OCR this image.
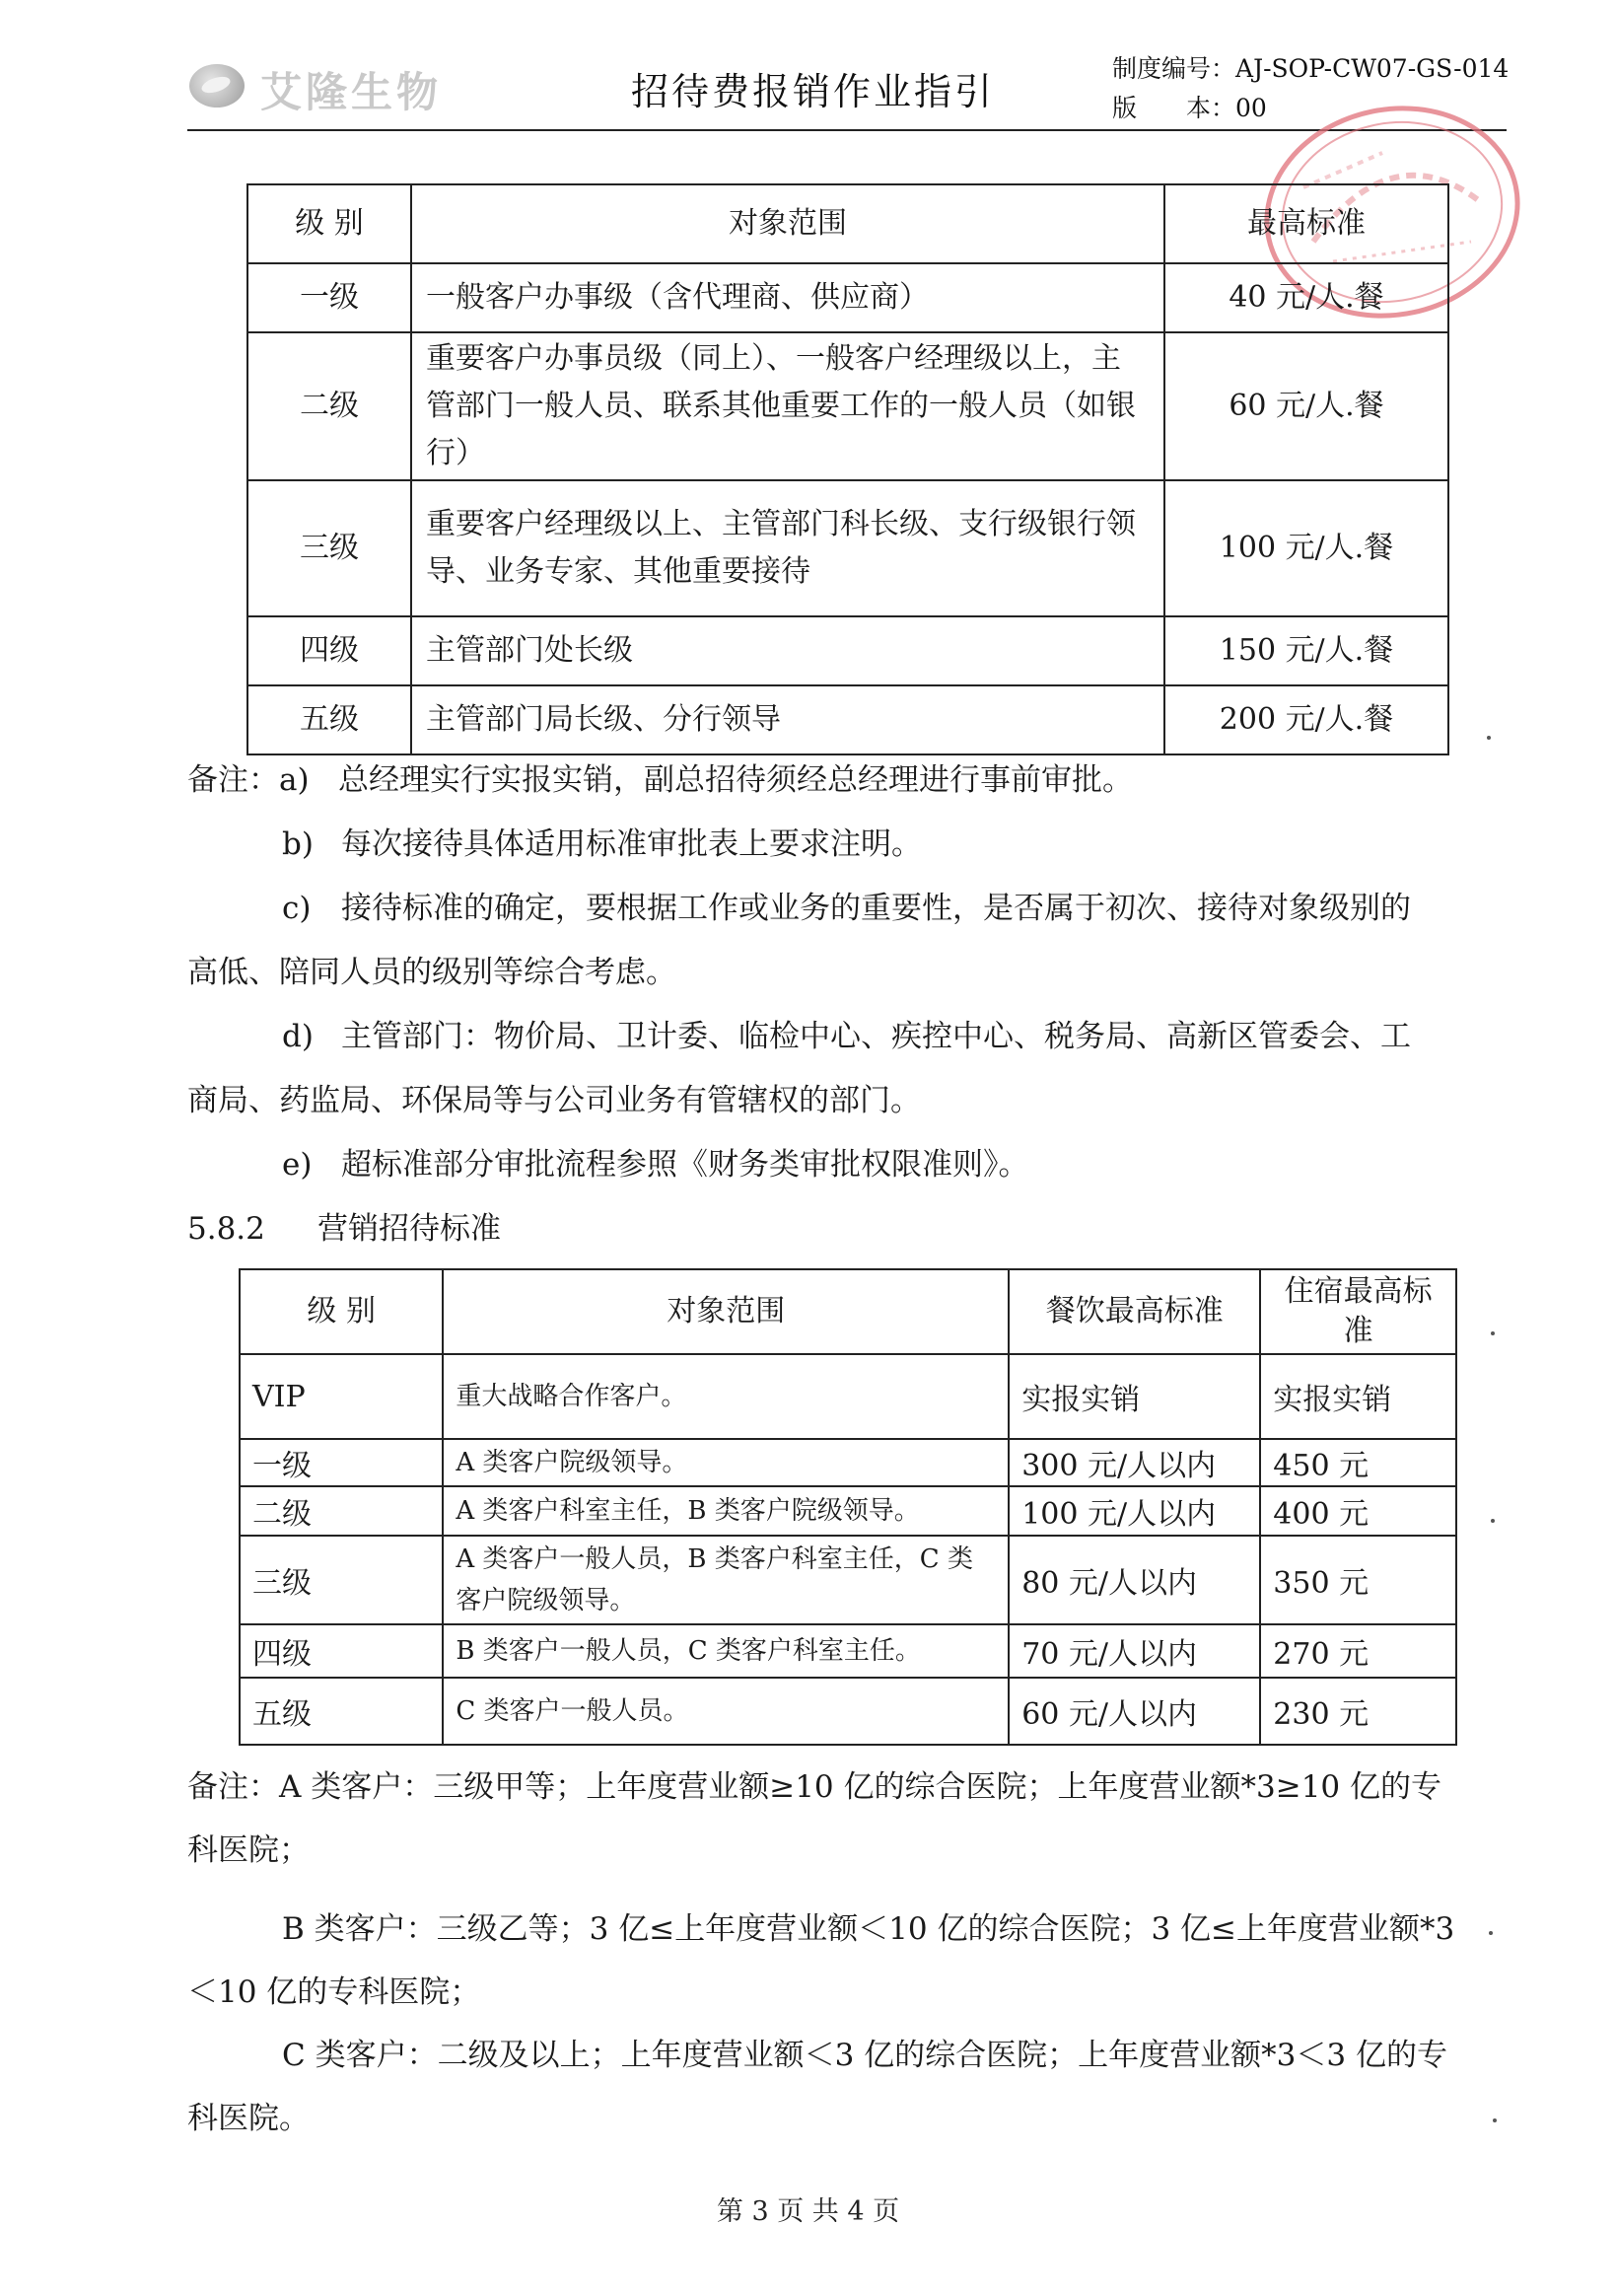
艾隆生物	招待费报销作业指引
制度编号：AJ-SOP-CW07-GS-014
版　　本：00
级 别	对象范围	最高标准
一级	一般客户办事级（含代理商、供应商）	40 元/人.餐
二级	重要客户办事员级（同上）、一般客户经理级以上，主管部门一般人员、联系其他重要工作的一般人员（如银行）	60 元/人.餐
三级	重要客户经理级以上、主管部门科长级、支行级银行领导、业务专家、其他重要接待	100 元/人.餐
四级	主管部门处长级	150 元/人.餐
五级	主管部门局长级、分行领导	200 元/人.餐
备注：a) 总经理实行实报实销，副总招待须经总经理进行事前审批。
b) 每次接待具体适用标准审批表上要求注明。
c) 接待标准的确定，要根据工作或业务的重要性，是否属于初次、接待对象级别的
高低、陪同人员的级别等综合考虑。
d) 主管部门：物价局、卫计委、临检中心、疾控中心、税务局、高新区管委会、工
商局、药监局、环保局等与公司业务有管辖权的部门。
e) 超标准部分审批流程参照《财务类审批权限准则》。
5.8.2 营销招待标准
级 别	对象范围	餐饮最高标准	住宿最高标准
VIP	重大战略合作客户。	实报实销	实报实销
一级	A 类客户院级领导。	300 元/人以内	450 元
二级	A 类客户科室主任，B 类客户院级领导。	100 元/人以内	400 元
三级	A 类客户一般人员，B 类客户科室主任，C 类客户院级领导。	80 元/人以内	350 元
四级	B 类客户一般人员，C 类客户科室主任。	70 元/人以内	270 元
五级	C 类客户一般人员。	60 元/人以内	230 元
备注：A 类客户：三级甲等；上年度营业额≥10 亿的综合医院；上年度营业额*3≥10 亿的专
科医院；
B 类客户：三级乙等；3 亿≤上年度营业额＜10 亿的综合医院；3 亿≤上年度营业额*3
＜10 亿的专科医院；
C 类客户：二级及以上；上年度营业额＜3 亿的综合医院；上年度营业额*3＜3 亿的专
科医院。
第 3 页 共 4 页
